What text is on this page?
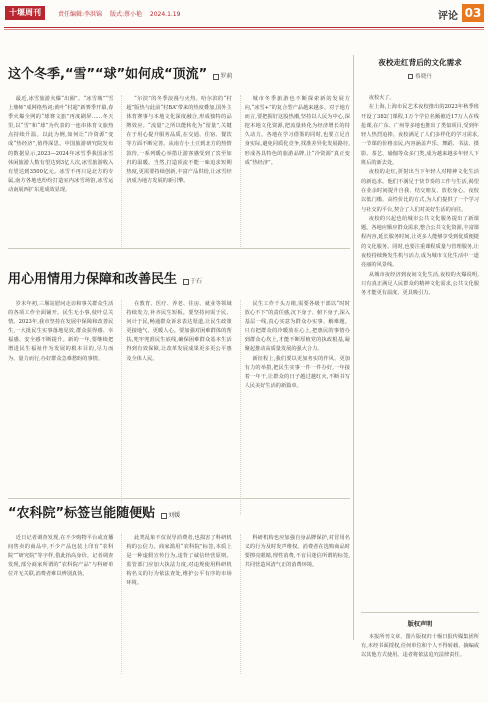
十堰周刊	责任编辑:李洪锦 版式:蔡小艳 2024.1.19	评论 03
这个冬季,“雪”“球”如何成“顶流” 罗莉

最近,冰雪旅游火爆“出圈”。“冰雪城”“雪上鼎师”成网络热词;黄叶“村超”新赛季开幕,春季火爆全网的“球赛文旅”再度刷屏……冬天里,以“雪”和“球”为代表的一连串体育文旅热点持续升温。以此为例,如何让“冷资源”变成“热经济”,值得深思。中国旅游研究院发布的数据显示,2023—2024年冰雪季我国冰雪休闲旅游人数有望达到3亿人次,冰雪旅游收入有望达到3500亿元。冰雪不再只是北方的专属,南方各地也纷纷打造室内冰雪场馆,冰雪运动南展西扩东进成效显现。

“尔滨”的冬季浪漫与火热。哈尔滨的“村超”版热与此前“村BA”带来的热度叠加,国外主体育赛事与本地文化深度融合,形成独特的品牌效应。“流量”之所以能转化为“留量”,关键在于用心提升服务品质,在交通、住宿、餐饮等方面不断完善。从南方小土豆到北方的热情款待,一系列暖心举措让游客感受到了宾至如归的温暖。当然,打造顶流不能一味追求短期热度,更需要持续创新,丰富产品供给,让冰雪经济成为地方发展的新引擎。

城市冬季旅游也不断探索新的发展方向,“冰雪+”的复合型产品越来越多。对于地方而言,要把握好这股热潮,坚持以人民为中心,深挖本地文化资源,把流量转化为经济增长的持久动力。各地在学习借鉴的同时,也要立足自身实际,避免同质化竞争,找准差异化发展路径,形成各具特色的旅游品牌,让“冷资源”真正变成“热经济”。

用心用情用力保障和改善民生 于石

岁末年初,三堰站慰问走访和事关群众生活的各项工作全面铺开。民生无小事,枝叶总关情。2023年,我市坚持在发展中保障和改善民生,一大批民生实事落地见效,群众获得感、幸福感、安全感不断提升。新的一年,要继续把增进民生福祉作为发展的根本目的,尽力而为、量力而行,办好群众急难愁盼的事情。

在教育、医疗、养老、住房、就业等领域持续发力,补齐民生短板。要坚持问需于民、问计于民,畅通群众诉求表达渠道,让民生政策更接地气、更暖人心。要加强对困难群体的帮扶,兜牢兜准民生底线,确保困难群众基本生活得到有效保障,让改革发展成果更多更公平惠及全体人民。

民生工作千头万绪,需要各级干部以“时时放心不下”的责任感,沉下身子、俯下身子,深入基层一线,真心实意为群众办实事、解难题。只有把群众的冷暖放在心上,把惠民的事情办到群众心坎上,才能不断厚植党的执政根基,凝聚起推动高质量发展的强大合力。

新征程上,我们要以更加务实的作风、更加有力的举措,把民生实事一件一件办好,一年接着一年干,让群众的日子越过越红火,不断书写人民美好生活的新篇章。

“农科院”标签岂能随便贴 刘媛

近日记者调查发现,在不少购物平台或直播间售卖的商品中,不少产品包装上印有“农科院”“研究院”等字样,借此抬高身价。记者调查发现,部分商家所谓的“农科院产品”与科研单位并无关联,消费者难以辨别真伪。

此类乱象不仅误导消费者,也损害了科研机构的公信力。商家滥用“农科院”标签,本质上是一种虚假宣传行为,违背了诚信经营原则。监管部门应加大执法力度,对违规使用科研机构名义的行为依法查处,维护公平有序的市场环境。

科研机构也应加强自身品牌保护,对冒用名义的行为及时发声维权。消费者在选购商品时要擦亮眼睛,理性消费,不盲目迷信所谓的标签,共同营造风清气正的消费环境。

夜校走红背后的文化需求
蔡晓丹

夜校火了。

在上海,上海市民艺术夜校推出的2023年秋季班开设了382门课程,1万个学位名额被近17万人在线抢课,在广东、广州等多地也推出了类似项目,受到年轻人热烈追捧。夜校满足了人们多样化的学习需求,一节课的价格亲民,内容涵盖声乐、舞蹈、书法、摄影、茶艺、瑜伽等众多门类,成为越来越多年轻人下班后的新去处。

夜校的走红,折射出当下年轻人对精神文化生活的新追求。他们不满足于快节奏的工作与生活,渴望在业余时间提升自我、结交朋友、放松身心。夜校以低门槛、高性价比的方式,为人们提供了一个学习与社交的平台,契合了人们对美好生活的向往。

夜校的兴起也给城市公共文化服务提出了新课题。各地应顺应群众需求,整合公共文化资源,丰富课程内容,延长服务时间,让更多人能够享受到优质便捷的文化服务。同时,也要注重课程质量与管理服务,让夜校持续焕发生机与活力,成为城市文化生活中一道亮丽的风景线。

从城市夜经济到夜间文化生活,夜校的火爆说明,只有真正满足人民群众的精神文化需求,公共文化服务才能更有温度、更具吸引力。

版权声明

本报所刊文章、图片版权归十堰日报传媒集团所有,未经书面授权,任何单位和个人不得转载、摘编或以其他方式使用。违者将依法追究法律责任。
